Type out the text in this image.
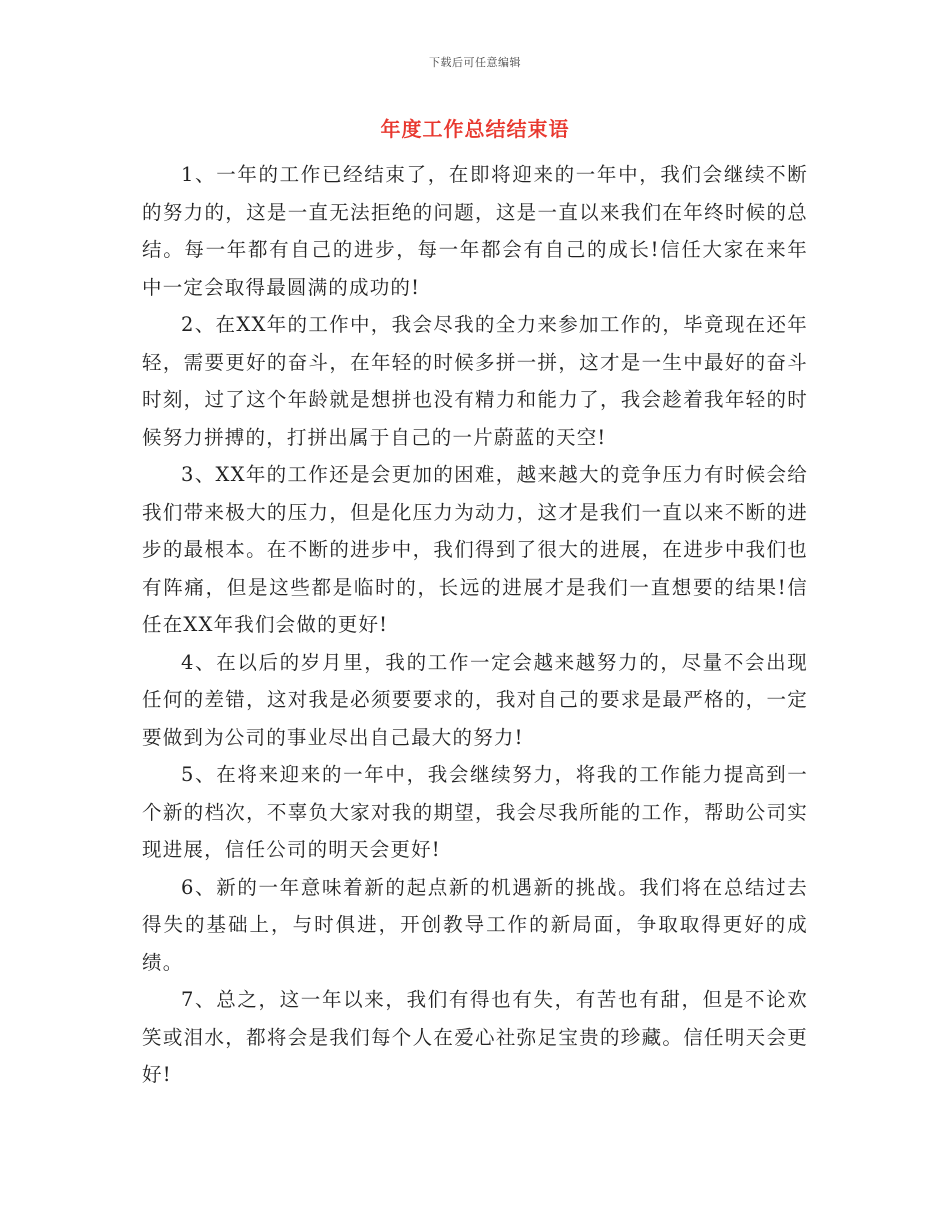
下载后可任意编辑
年度工作总结结束语

1、一年的工作已经结束了，在即将迎来的一年中，我们会继续不断的努力的，这是一直无法拒绝的问题，这是一直以来我们在年终时候的总结。每一年都有自己的进步，每一年都会有自己的成长!信任大家在来年中一定会取得最圆满的成功的!

2、在XX年的工作中，我会尽我的全力来参加工作的，毕竟现在还年轻，需要更好的奋斗，在年轻的时候多拼一拼，这才是一生中最好的奋斗时刻，过了这个年龄就是想拼也没有精力和能力了，我会趁着我年轻的时候努力拼搏的，打拼出属于自己的一片蔚蓝的天空!

3、XX年的工作还是会更加的困难，越来越大的竞争压力有时候会给我们带来极大的压力，但是化压力为动力，这才是我们一直以来不断的进步的最根本。在不断的进步中，我们得到了很大的进展，在进步中我们也有阵痛，但是这些都是临时的，长远的进展才是我们一直想要的结果!信任在XX年我们会做的更好!

4、在以后的岁月里，我的工作一定会越来越努力的，尽量不会出现任何的差错，这对我是必须要要求的，我对自己的要求是最严格的，一定要做到为公司的事业尽出自己最大的努力!

5、在将来迎来的一年中，我会继续努力，将我的工作能力提高到一个新的档次，不辜负大家对我的期望，我会尽我所能的工作，帮助公司实现进展，信任公司的明天会更好!

6、新的一年意味着新的起点新的机遇新的挑战。我们将在总结过去得失的基础上，与时俱进，开创教导工作的新局面，争取取得更好的成绩。

7、总之，这一年以来，我们有得也有失，有苦也有甜，但是不论欢笑或泪水，都将会是我们每个人在爱心社弥足宝贵的珍藏。信任明天会更好!
